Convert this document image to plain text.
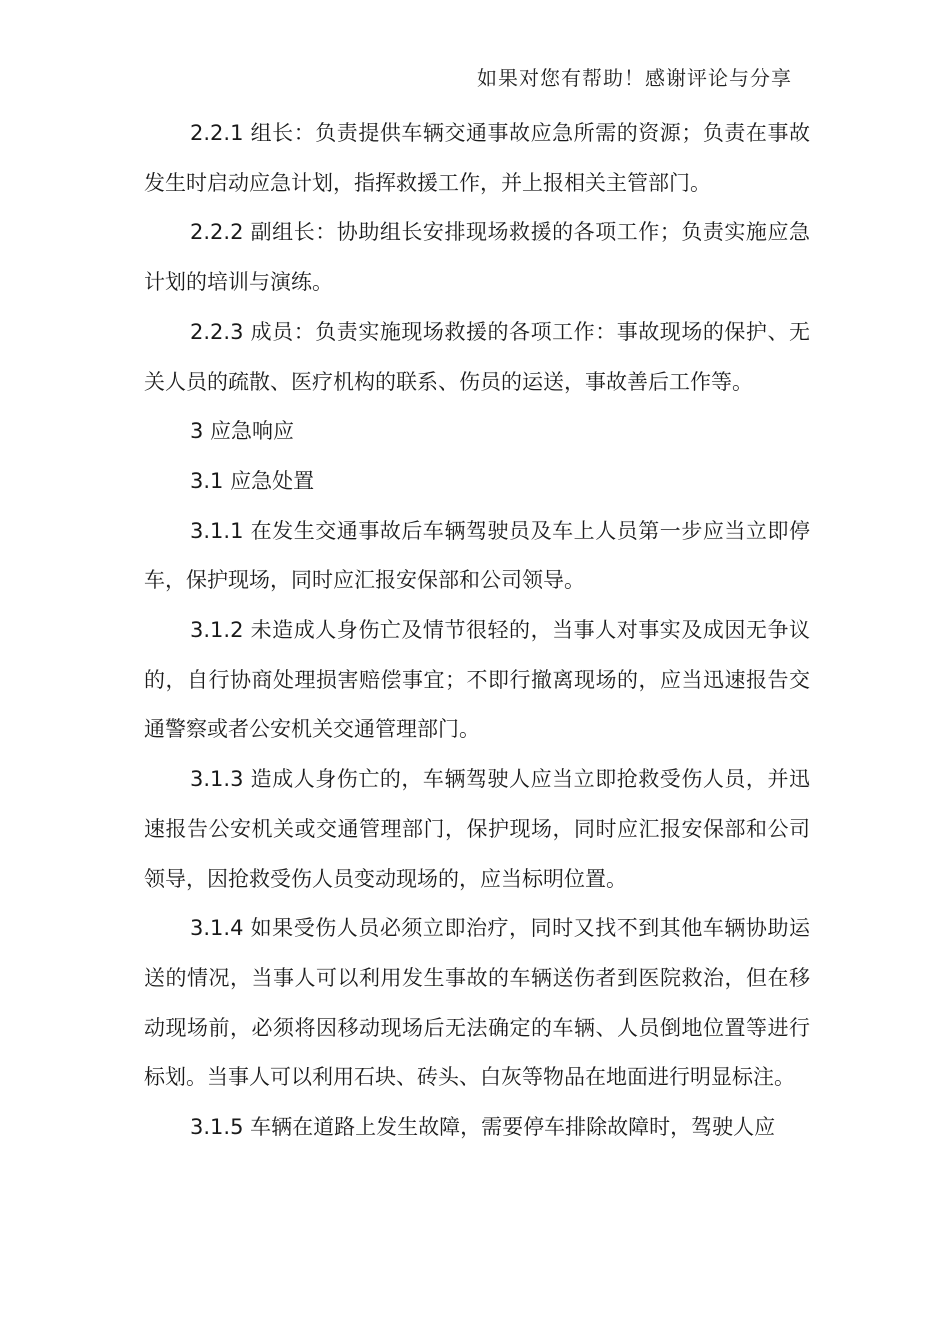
如果对您有帮助！感谢评论与分享

2.2.1 组长：负责提供车辆交通事故应急所需的资源；负责在事故发生时启动应急计划，指挥救援工作，并上报相关主管部门。

2.2.2 副组长：协助组长安排现场救援的各项工作；负责实施应急计划的培训与演练。

2.2.3 成员：负责实施现场救援的各项工作：事故现场的保护、无关人员的疏散、医疗机构的联系、伤员的运送，事故善后工作等。

3 应急响应

3.1 应急处置

3.1.1 在发生交通事故后车辆驾驶员及车上人员第一步应当立即停车，保护现场，同时应汇报安保部和公司领导。

3.1.2 未造成人身伤亡及情节很轻的，当事人对事实及成因无争议的，自行协商处理损害赔偿事宜；不即行撤离现场的，应当迅速报告交通警察或者公安机关交通管理部门。

3.1.3 造成人身伤亡的，车辆驾驶人应当立即抢救受伤人员，并迅速报告公安机关或交通管理部门，保护现场，同时应汇报安保部和公司领导，因抢救受伤人员变动现场的，应当标明位置。

3.1.4 如果受伤人员必须立即治疗，同时又找不到其他车辆协助运送的情况，当事人可以利用发生事故的车辆送伤者到医院救治，但在移动现场前，必须将因移动现场后无法确定的车辆、人员倒地位置等进行标划。当事人可以利用石块、砖头、白灰等物品在地面进行明显标注。

3.1.5 车辆在道路上发生故障，需要停车排除故障时，驾驶人应
